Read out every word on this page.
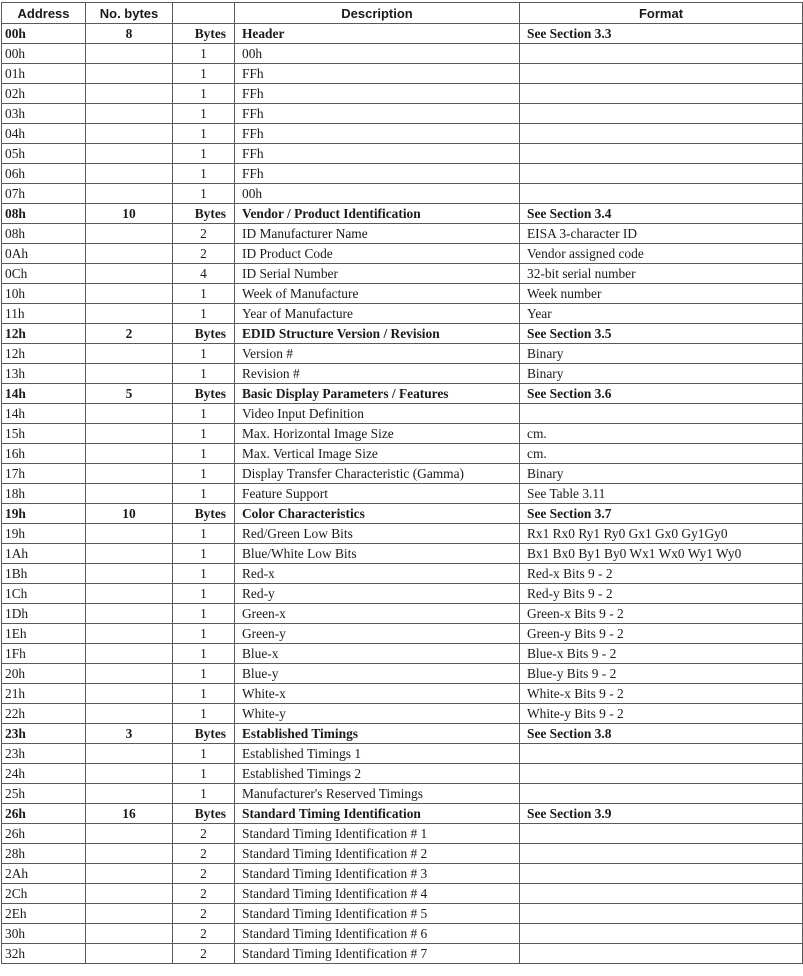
Address	No. bytes		Description	Format
00h	8	Bytes	Header	See Section 3.3
00h		1	00h	
01h		1	FFh	
02h		1	FFh	
03h		1	FFh	
04h		1	FFh	
05h		1	FFh	
06h		1	FFh	
07h		1	00h	
08h	10	Bytes	Vendor / Product Identification	See Section 3.4
08h		2	ID Manufacturer Name	EISA 3-character ID
0Ah		2	ID Product Code	Vendor assigned code
0Ch		4	ID Serial Number	32-bit serial number
10h		1	Week of Manufacture	Week number
11h		1	Year of Manufacture	Year
12h	2	Bytes	EDID Structure Version / Revision	See Section 3.5
12h		1	Version #	Binary
13h		1	Revision #	Binary
14h	5	Bytes	Basic Display Parameters / Features	See Section 3.6
14h		1	Video Input Definition	
15h		1	Max. Horizontal Image Size	cm.
16h		1	Max. Vertical Image Size	cm.
17h		1	Display Transfer Characteristic (Gamma)	Binary
18h		1	Feature Support	See Table 3.11
19h	10	Bytes	Color Characteristics	See Section 3.7
19h		1	Red/Green Low Bits	Rx1 Rx0 Ry1 Ry0 Gx1 Gx0 Gy1Gy0
1Ah		1	Blue/White Low Bits	Bx1 Bx0 By1 By0 Wx1 Wx0 Wy1 Wy0
1Bh		1	Red-x	Red-x Bits 9 - 2
1Ch		1	Red-y	Red-y Bits 9 - 2
1Dh		1	Green-x	Green-x Bits 9 - 2
1Eh		1	Green-y	Green-y Bits 9 - 2
1Fh		1	Blue-x	Blue-x Bits 9 - 2
20h		1	Blue-y	Blue-y Bits 9 - 2
21h		1	White-x	White-x Bits 9 - 2
22h		1	White-y	White-y Bits 9 - 2
23h	3	Bytes	Established Timings	See Section 3.8
23h		1	Established Timings 1	
24h		1	Established Timings 2	
25h		1	Manufacturer's Reserved Timings	
26h	16	Bytes	Standard Timing Identification	See Section 3.9
26h		2	Standard Timing Identification # 1	
28h		2	Standard Timing Identification # 2	
2Ah		2	Standard Timing Identification # 3	
2Ch		2	Standard Timing Identification # 4	
2Eh		2	Standard Timing Identification # 5	
30h		2	Standard Timing Identification # 6	
32h		2	Standard Timing Identification # 7	
